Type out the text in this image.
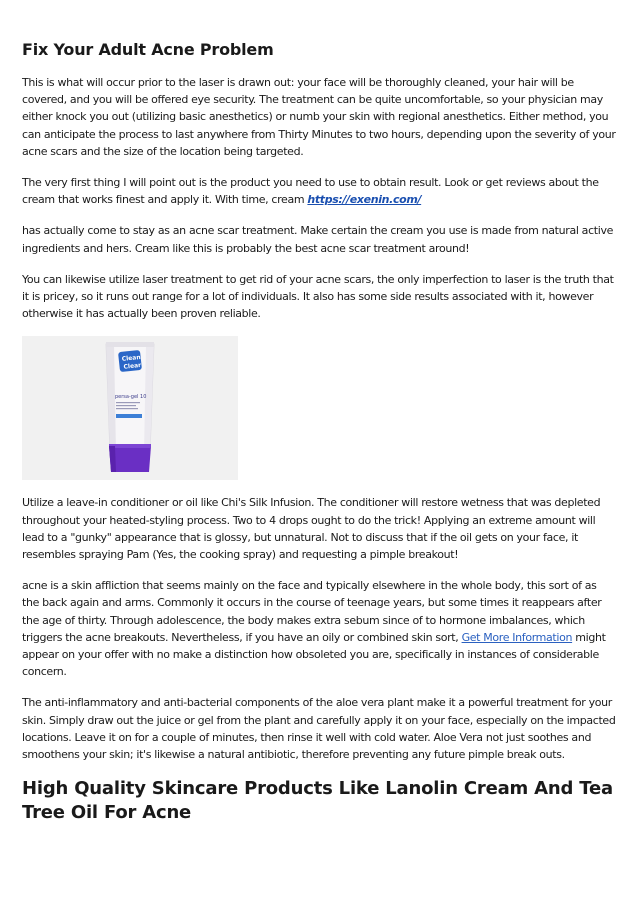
Fix Your Adult Acne Problem

This is what will occur prior to the laser is drawn out: your face will be thoroughly cleaned, your hair will be covered, and you will be offered eye security. The treatment can be quite uncomfortable, so your physician may either knock you out (utilizing basic anesthetics) or numb your skin with regional anesthetics. Either method, you can anticipate the process to last anywhere from Thirty Minutes to two hours, depending upon the severity of your acne scars and the size of the location being targeted.

The very first thing I will point out is the product you need to use to obtain result. Look or get reviews about the cream that works finest and apply it. With time, cream https://exenin.com/

has actually come to stay as an acne scar treatment. Make certain the cream you use is made from natural active ingredients and hers. Cream like this is probably the best acne scar treatment around!

You can likewise utilize laser treatment to get rid of your acne scars, the only imperfection to laser is the truth that it is pricey, so it runs out range for a lot of individuals. It also has some side results associated with it, however otherwise it has actually been proven reliable.

Clean
Clear
persa-gel 10

Utilize a leave-in conditioner or oil like Chi's Silk Infusion. The conditioner will restore wetness that was depleted throughout your heated-styling process. Two to 4 drops ought to do the trick! Applying an extreme amount will lead to a "gunky" appearance that is glossy, but unnatural. Not to discuss that if the oil gets on your face, it resembles spraying Pam (Yes, the cooking spray) and requesting a pimple breakout!

acne is a skin affliction that seems mainly on the face and typically elsewhere in the whole body, this sort of as the back again and arms. Commonly it occurs in the course of teenage years, but some times it reappears after the age of thirty. Through adolescence, the body makes extra sebum since of to hormone imbalances, which triggers the acne breakouts. Nevertheless, if you have an oily or combined skin sort, Get More Information might appear on your offer with no make a distinction how obsoleted you are, specifically in instances of considerable concern.

The anti-inflammatory and anti-bacterial components of the aloe vera plant make it a powerful treatment for your skin. Simply draw out the juice or gel from the plant and carefully apply it on your face, especially on the impacted locations. Leave it on for a couple of minutes, then rinse it well with cold water. Aloe Vera not just soothes and smoothens your skin; it's likewise a natural antibiotic, therefore preventing any future pimple break outs.

High Quality Skincare Products Like Lanolin Cream And Tea Tree Oil For Acne
